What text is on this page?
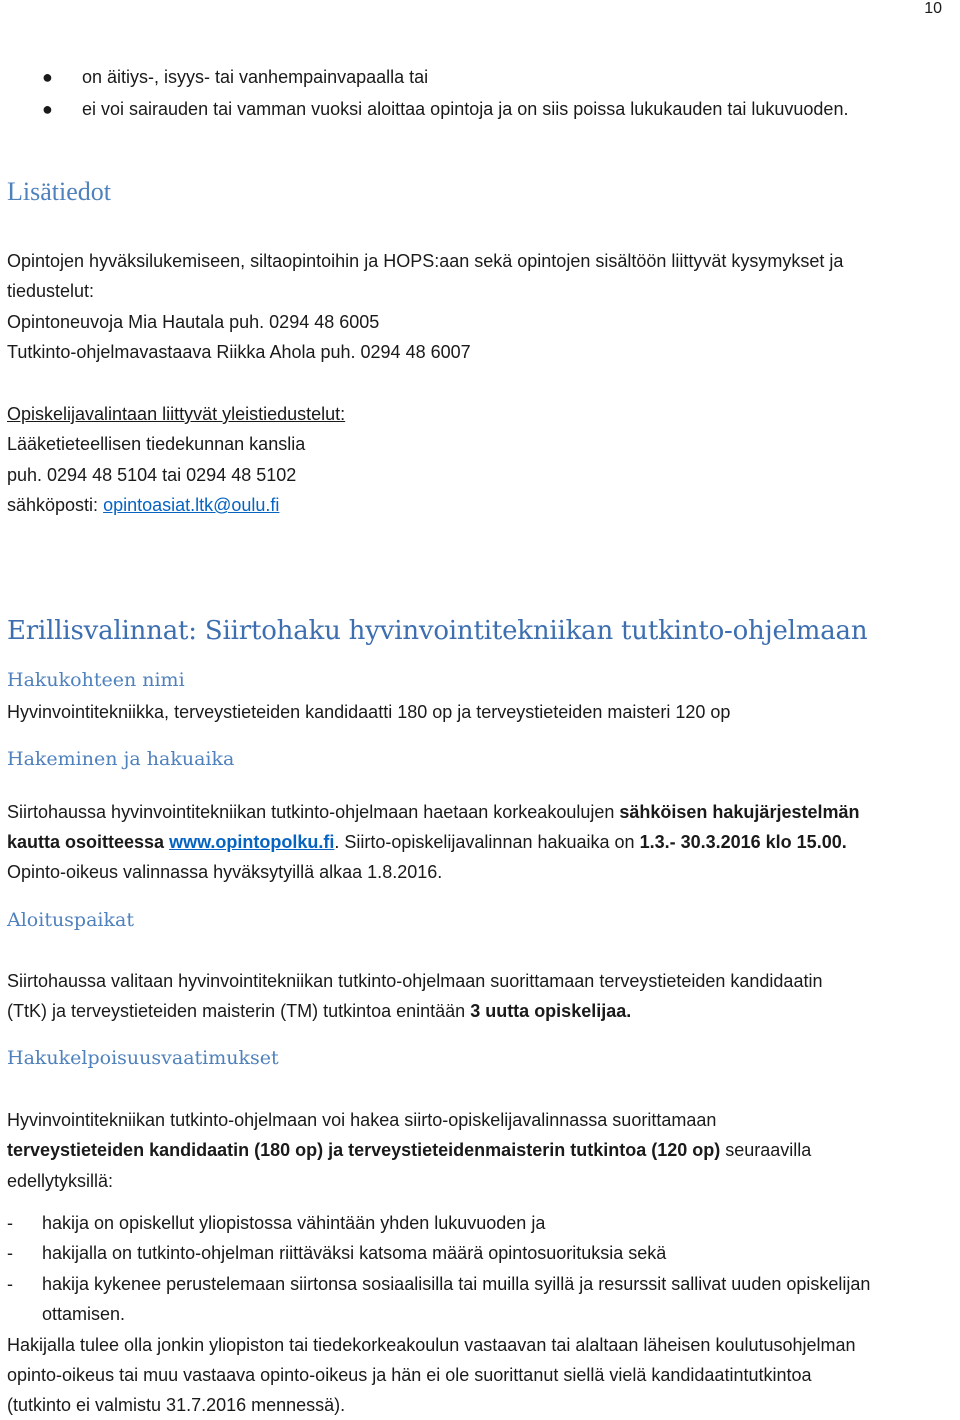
10
● on äitiys-, isyys- tai vanhempainvapaalla tai
● ei voi sairauden tai vamman vuoksi aloittaa opintoja ja on siis poissa lukukauden tai lukuvuoden.
Lisätiedot
Opintojen hyväksilukemiseen, siltaopintoihin ja HOPS:aan sekä opintojen sisältöön liittyvät kysymykset ja
tiedustelut:
Opintoneuvoja Mia Hautala puh. 0294 48 6005
Tutkinto-ohjelmavastaava Riikka Ahola puh. 0294 48 6007
Opiskelijavalintaan liittyvät yleistiedustelut:
Lääketieteellisen tiedekunnan kanslia
puh. 0294 48 5104 tai 0294 48 5102
sähköposti: opintoasiat.ltk@oulu.fi
Erillisvalinnat: Siirtohaku hyvinvointitekniikan tutkinto-ohjelmaan
Hakukohteen nimi
Hyvinvointitekniikka, terveystieteiden kandidaatti 180 op ja terveystieteiden maisteri 120 op
Hakeminen ja hakuaika
Siirtohaussa hyvinvointitekniikan tutkinto-ohjelmaan haetaan korkeakoulujen sähköisen hakujärjestelmän
kautta osoitteessa www.opintopolku.fi. Siirto-opiskelijavalinnan hakuaika on 1.3.- 30.3.2016 klo 15.00.
Opinto-oikeus valinnassa hyväksytyillä alkaa 1.8.2016.
Aloituspaikat
Siirtohaussa valitaan hyvinvointitekniikan tutkinto-ohjelmaan suorittamaan terveystieteiden kandidaatin
(TtK) ja terveystieteiden maisterin (TM) tutkintoa enintään 3 uutta opiskelijaa.
Hakukelpoisuusvaatimukset
Hyvinvointitekniikan tutkinto-ohjelmaan voi hakea siirto-opiskelijavalinnassa suorittamaan
terveystieteiden kandidaatin (180 op) ja terveystieteidenmaisterin tutkintoa (120 op) seuraavilla
edellytyksillä:
- hakija on opiskellut yliopistossa vähintään yhden lukuvuoden ja
- hakijalla on tutkinto-ohjelman riittäväksi katsoma määrä opintosuorituksia sekä
- hakija kykenee perustelemaan siirtonsa sosiaalisilla tai muilla syillä ja resurssit sallivat uuden opiskelijan
ottamisen.
Hakijalla tulee olla jonkin yliopiston tai tiedekorkeakoulun vastaavan tai alaltaan läheisen koulutusohjelman
opinto-oikeus tai muu vastaava opinto-oikeus ja hän ei ole suorittanut siellä vielä kandidaatintutkintoa
(tutkinto ei valmistu 31.7.2016 mennessä).
